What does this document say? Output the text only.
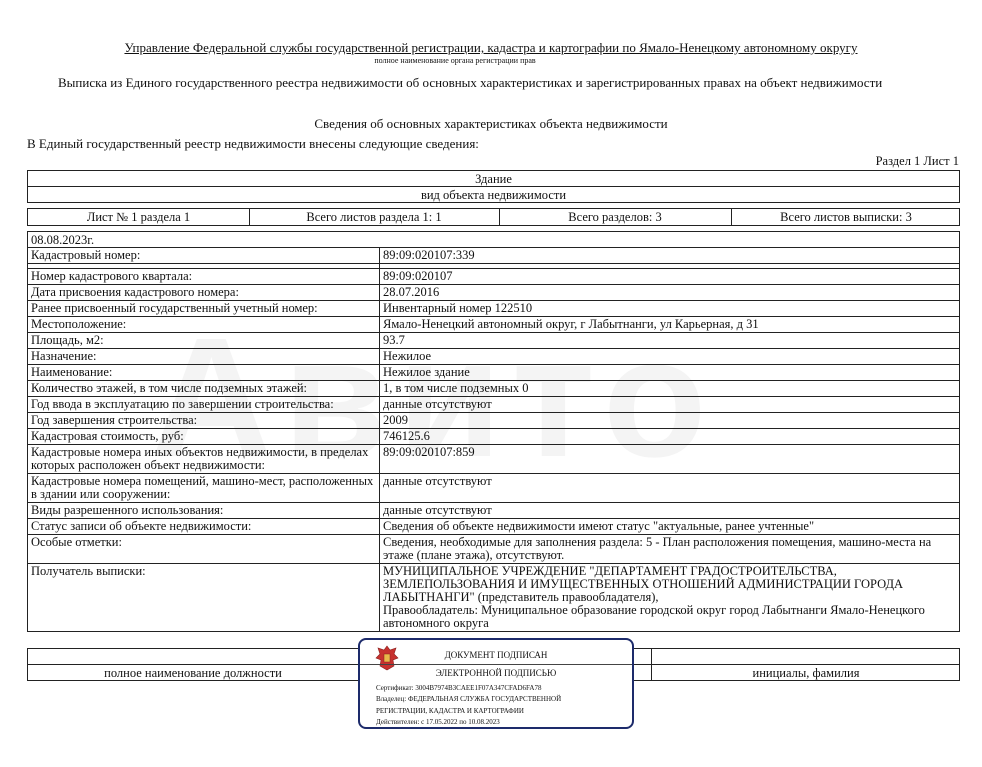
Управление Федеральной службы государственной регистрации, кадастра и картографии по Ямало-Ненецкому автономному округу
полное наименование органа регистрации прав
Выписка из Единого государственного реестра недвижимости об основных характеристиках и зарегистрированных правах на объект недвижимости
Сведения об основных характеристиках объекта недвижимости
В Единый государственный реестр недвижимости внесены следующие сведения:
Раздел 1 Лист 1
Здание
вид объекта недвижимости
Лист № 1 раздела 1	Всего листов раздела 1: 1	Всего разделов: 3	Всего листов выписки: 3
08.08.2023г.
Кадастровый номер:	89:09:020107:339

Номер кадастрового квартала:	89:09:020107
Дата присвоения кадастрового номера:	28.07.2016
Ранее присвоенный государственный учетный номер:	Инвентарный номер 122510
Местоположение:	Ямало-Ненецкий автономный округ, г Лабытнанги, ул Карьерная, д 31
Площадь, м2:	93.7
Назначение:	Нежилое
Наименование:	Нежилое здание
Количество этажей, в том числе подземных этажей:	1, в том числе подземных 0
Год ввода в эксплуатацию по завершении строительства:	данные отсутствуют
Год завершения строительства:	2009
Кадастровая стоимость, руб:	746125.6
Кадастровые номера иных объектов недвижимости, в пределах которых расположен объект недвижимости:	89:09:020107:859
Кадастровые номера помещений, машино-мест, расположенных в здании или сооружении:	данные отсутствуют
Виды разрешенного использования:	данные отсутствуют
Статус записи об объекте недвижимости:	Сведения об объекте недвижимости имеют статус "актуальные, ранее учтенные"
Особые отметки:	Сведения, необходимые для заполнения раздела: 5 - План расположения помещения, машино-места на этаже (плане этажа), отсутствуют.
Получатель выписки:	МУНИЦИПАЛЬНОЕ УЧРЕЖДЕНИЕ "ДЕПАРТАМЕНТ ГРАДОСТРОИТЕЛЬСТВА, ЗЕМЛЕПОЛЬЗОВАНИЯ И ИМУЩЕСТВЕННЫХ ОТНОШЕНИЙ АДМИНИСТРАЦИИ ГОРОДА ЛАБЫТНАНГИ" (представитель правообладателя),
Правообладатель: Муниципальное образование городской округ город Лабытнанги Ямало-Ненецкого автономного округа
полное наименование должности	инициалы, фамилия
ДОКУМЕНТ ПОДПИСАН
ЭЛЕКТРОННОЙ ПОДПИСЬЮ
Сертификат: 3004B7974B3CAEE1F07A347CFAD6FA78
Владелец: ФЕДЕРАЛЬНАЯ СЛУЖБА ГОСУДАРСТВЕННОЙ
РЕГИСТРАЦИИ, КАДАСТРА И КАРТОГРАФИИ
Действителен: с 17.05.2022 по 10.08.2023
